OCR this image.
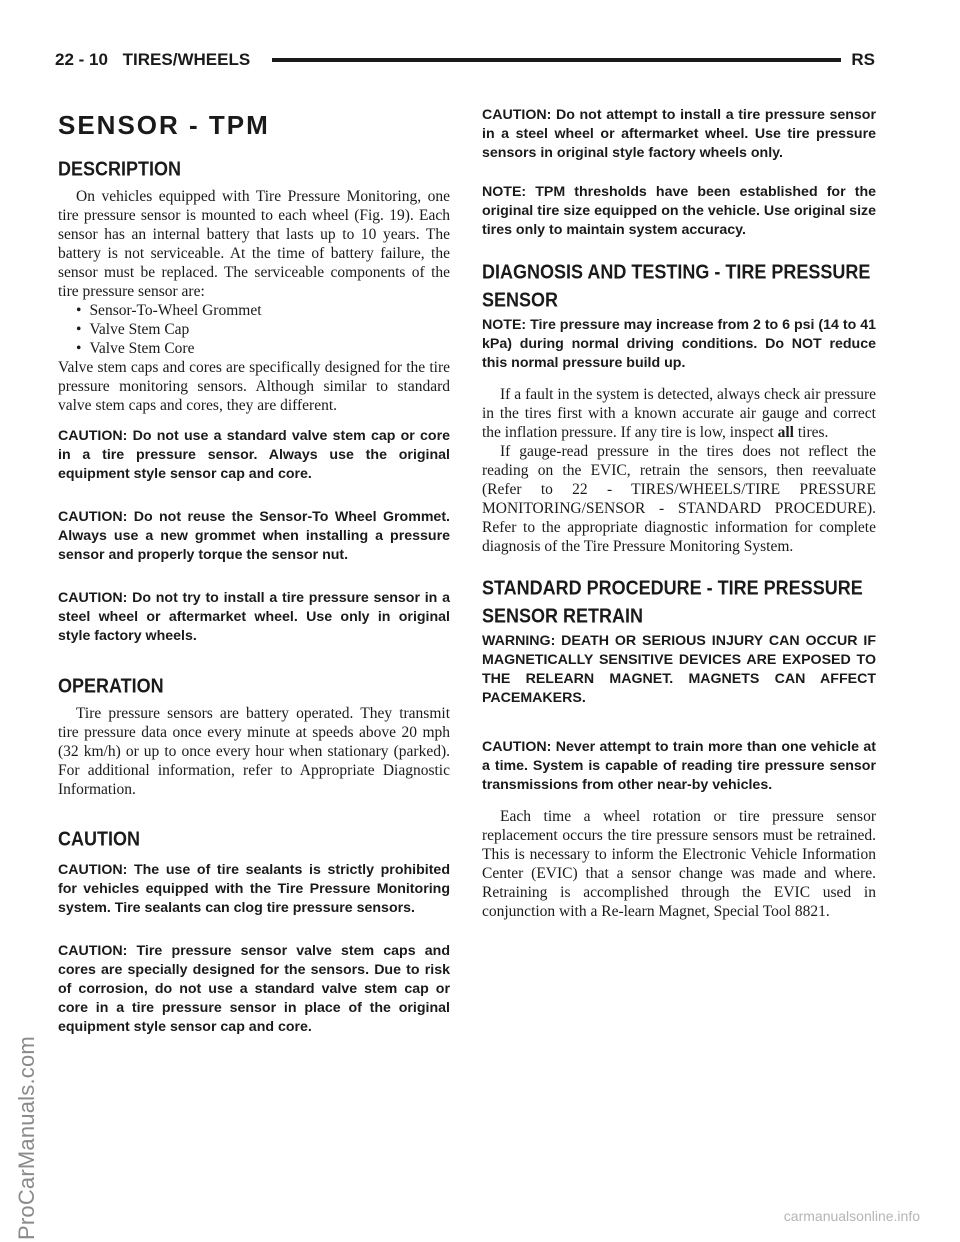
22 - 10 TIRES/WHEELS	RS
ProCarManuals.com	carmanualsonline.info
SENSOR - TPM
DESCRIPTION

On vehicles equipped with Tire Pressure Monitoring, one tire pressure sensor is mounted to each wheel (Fig. 19). Each sensor has an internal battery that lasts up to 10 years. The battery is not serviceable. At the time of battery failure, the sensor must be replaced. The serviceable components of the tire pressure sensor are:

• Sensor-To-Wheel Grommet
• Valve Stem Cap
• Valve Stem Core

Valve stem caps and cores are specifically designed for the tire pressure monitoring sensors. Although similar to standard valve stem caps and cores, they are different.

CAUTION: Do not use a standard valve stem cap or core in a tire pressure sensor. Always use the original equipment style sensor cap and core.
CAUTION: Do not reuse the Sensor-To Wheel Grommet. Always use a new grommet when installing a pressure sensor and properly torque the sensor nut.
CAUTION: Do not try to install a tire pressure sensor in a steel wheel or aftermarket wheel. Use only in original style factory wheels.
OPERATION

Tire pressure sensors are battery operated. They transmit tire pressure data once every minute at speeds above 20 mph (32 km/h) or up to once every hour when stationary (parked). For additional information, refer to Appropriate Diagnostic Information.

CAUTION
CAUTION: The use of tire sealants is strictly prohibited for vehicles equipped with the Tire Pressure Monitoring system. Tire sealants can clog tire pressure sensors.
CAUTION: Tire pressure sensor valve stem caps and cores are specially designed for the sensors. Due to risk of corrosion, do not use a standard valve stem cap or core in a tire pressure sensor in place of the original equipment style sensor cap and core.
CAUTION: Do not attempt to install a tire pressure sensor in a steel wheel or aftermarket wheel. Use tire pressure sensors in original style factory wheels only.
NOTE: TPM thresholds have been established for the original tire size equipped on the vehicle. Use original size tires only to maintain system accuracy.
DIAGNOSIS AND TESTING - TIRE PRESSURE SENSOR
NOTE: Tire pressure may increase from 2 to 6 psi (14 to 41 kPa) during normal driving conditions. Do NOT reduce this normal pressure build up.

If a fault in the system is detected, always check air pressure in the tires first with a known accurate air gauge and correct the inflation pressure. If any tire is low, inspect all tires.

If gauge-read pressure in the tires does not reflect the reading on the EVIC, retrain the sensors, then reevaluate (Refer to 22 - TIRES/WHEELS/TIRE PRESSURE MONITORING/SENSOR - STANDARD PROCEDURE). Refer to the appropriate diagnostic information for complete diagnosis of the Tire Pressure Monitoring System.

STANDARD PROCEDURE - TIRE PRESSURE SENSOR RETRAIN
WARNING: DEATH OR SERIOUS INJURY CAN OCCUR IF MAGNETICALLY SENSITIVE DEVICES ARE EXPOSED TO THE RELEARN MAGNET. MAGNETS CAN AFFECT PACEMAKERS.
CAUTION: Never attempt to train more than one vehicle at a time. System is capable of reading tire pressure sensor transmissions from other near-by vehicles.

Each time a wheel rotation or tire pressure sensor replacement occurs the tire pressure sensors must be retrained. This is necessary to inform the Electronic Vehicle Information Center (EVIC) that a sensor change was made and where. Retraining is accomplished through the EVIC used in conjunction with a Re-learn Magnet, Special Tool 8821.
